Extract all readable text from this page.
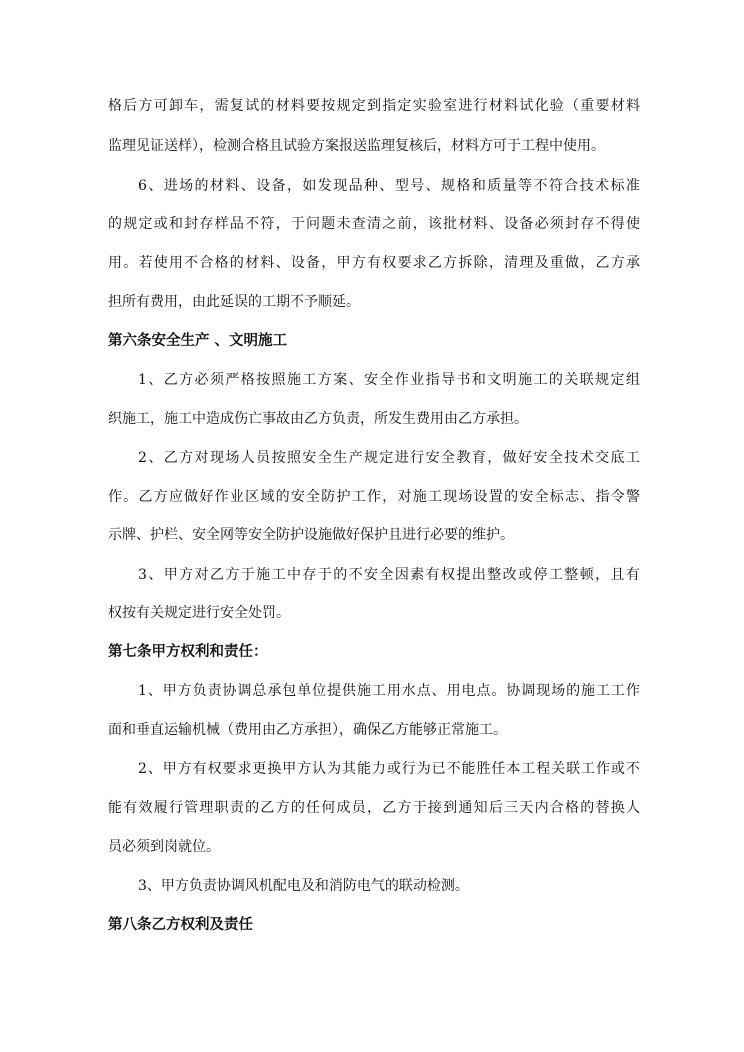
格 后 方 可 卸 车 ， 需 复 试 的 材 料 要 按 规 定 到 指 定 实 验 室 进 行 材 料 试 化 验 （ 重 要 材 料
监理见证送样），检测合格且试验方案报送监理复核后，材料方可于工程中使用。
6 、 进 场 的 材 料 、 设 备 ， 如 发 现 品 种 、 型 号 、 规 格 和 质 量 等 不 符 合 技 术 标 准
的 规 定 或 和 封 存 样 品 不 符 ， 于 问 题 未 查 清 之 前 ， 该 批 材 料 、 设 备 必 须 封 存 不 得 使
用 。 若 使 用 不 合 格 的 材 料 、 设 备 ， 甲 方 有 权 要 求 乙 方 拆 除 ， 清 理 及 重 做 ， 乙 方 承
担所有费用，由此延误的工期不予顺延。
第六条安全生产 、文明施工
1 、 乙 方 必 须 严 格 按 照 施 工 方 案 、 安 全 作 业 指 导 书 和 文 明 施 工 的 关 联 规 定 组
织施工，施工中造成伤亡事故由乙方负责，所发生费用由乙方承担。
2 、 乙 方 对 现 场 人 员 按 照 安 全 生 产 规 定 进 行 安 全 教 育 ， 做 好 安 全 技 术 交 底 工
作 。 乙 方 应 做 好 作 业 区 域 的 安 全 防 护 工 作 ， 对 施 工 现 场 设 置 的 安 全 标 志 、 指 令 警
示牌、护栏、安全网等安全防护设施做好保护且进行必要的维护。
3 、 甲 方 对 乙 方 于 施 工 中 存 于 的 不 安 全 因 素 有 权 提 出 整 改 或 停 工 整 顿 ， 且 有
权按有关规定进行安全处罚。
第七条甲方权利和责任：
1 、 甲 方 负 责 协 调 总 承 包 单 位 提 供 施 工 用 水 点 、 用 电 点 。 协 调 现 场 的 施 工 工 作
面和垂直运输机械（费用由乙方承担），确保乙方能够正常施工。
2 、 甲 方 有 权 要 求 更 换 甲 方 认 为 其 能 力 或 行 为 已 不 能 胜 任 本 工 程 关 联 工 作 或 不
能 有 效 履 行 管 理 职 责 的 乙 方 的 任 何 成 员 ， 乙 方 于 接 到 通 知 后 三 天 内 合 格 的 替 换 人
员必须到岗就位。
3、甲方负责协调风机配电及和消防电气的联动检测。
第八条乙方权利及责任
